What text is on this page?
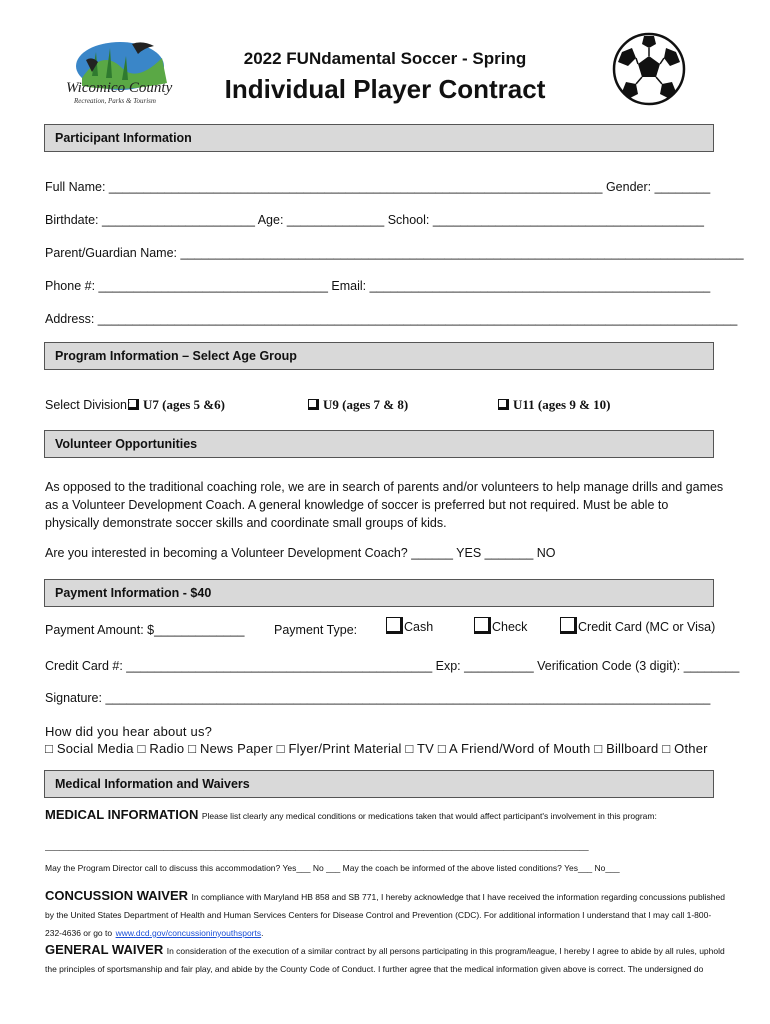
Wicomico County
Recreation, Parks & Tourism
2022 FUNdamental Soccer - Spring
Individual Player Contract
Participant Information
Full Name: _______________________________________________________________________ Gender: ________
Birthdate: ______________________ Age: ______________ School: _______________________________________
Parent/Guardian Name: _________________________________________________________________________________
Phone #: _________________________________ Email: _________________________________________________
Address: ____________________________________________________________________________________________
Program Information – Select Age Group
Select Division: U7 (ages 5 &6)	U9 (ages 7 & 8)	U11 (ages 9 & 10)
Volunteer Opportunities
As opposed to the traditional coaching role, we are in search of parents and/or volunteers to help manage drills and games as a Volunteer Development Coach. A general knowledge of soccer is preferred but not required. Must be able to physically demonstrate soccer skills and coordinate small groups of kids.
Are you interested in becoming a Volunteer Development Coach? ______ YES _______ NO
Payment Information - $40
Payment Amount: $_____________ Payment Type:	Cash	Check	Credit Card (MC or Visa)
Credit Card #: ____________________________________________ Exp: __________ Verification Code (3 digit): ________
Signature: _______________________________________________________________________________________
How did you hear about us?
□ Social Media □ Radio □ News Paper □ Flyer/Print Material □ TV □ A Friend/Word of Mouth □ Billboard □ Other
Medical Information and Waivers
MEDICAL INFORMATION Please list clearly any medical conditions or medications taken that would affect participant's involvement in this program:
___________________________________________________________________________________________________________________
May the Program Director call to discuss this accommodation? Yes___ No ___ May the coach be informed of the above listed conditions? Yes___ No___
CONCUSSION WAIVER In compliance with Maryland HB 858 and SB 771, I hereby acknowledge that I have received the information regarding concussions published by the United States Department of Health and Human Services Centers for Disease Control and Prevention (CDC). For additional information I understand that I may call 1-800-232-4636 or go to www.dcd.gov/concussioninyouthsports.
GENERAL WAIVER In consideration of the execution of a similar contract by all persons participating in this program/league, I hereby I agree to abide by all rules, uphold the principles of sportsmanship and fair play, and abide by the County Code of Conduct. I further agree that the medical information given above is correct. The undersigned do
